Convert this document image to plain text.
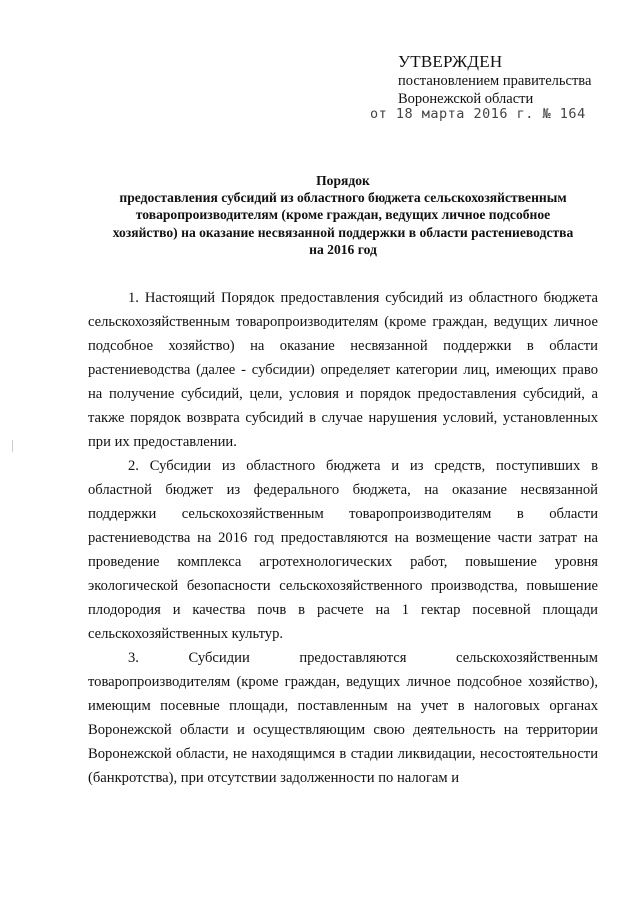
УТВЕРЖДЕН
постановлением правительства
Воронежской области
от 18 марта 2016 г. № 164
Порядок
предоставления субсидий из областного бюджета сельскохозяйственным
товаропроизводителям (кроме граждан, ведущих личное подсобное
хозяйство) на оказание несвязанной поддержки в области растениеводства
на 2016 год

1. Настоящий Порядок предоставления субсидий из областного бюджета сельскохозяйственным товаропроизводителям (кроме граждан, ведущих личное подсобное хозяйство) на оказание несвязанной поддержки в области растениеводства (далее - субсидии) определяет категории лиц, имеющих право на получение субсидий, цели, условия и порядок предоставления субсидий, а также порядок возврата субсидий в случае нарушения условий, установленных при их предоставлении.

2. Субсидии из областного бюджета и из средств, поступивших в областной бюджет из федерального бюджета, на оказание несвязанной поддержки сельскохозяйственным товаропроизводителям в области растениеводства на 2016 год предоставляются на возмещение части затрат на проведение комплекса агротехнологических работ, повышение уровня экологической безопасности сельскохозяйственного производства, повышение плодородия и качества почв в расчете на 1 гектар посевной площади сельскохозяйственных культур.

3. Субсидии предоставляются сельскохозяйственным товаропроизводителям (кроме граждан, ведущих личное подсобное хозяйство), имеющим посевные площади, поставленным на учет в налоговых органах Воронежской области и осуществляющим свою деятельность на территории Воронежской области, не находящимся в стадии ликвидации, несостоятельности (банкротства), при отсутствии задолженности по налогам и
